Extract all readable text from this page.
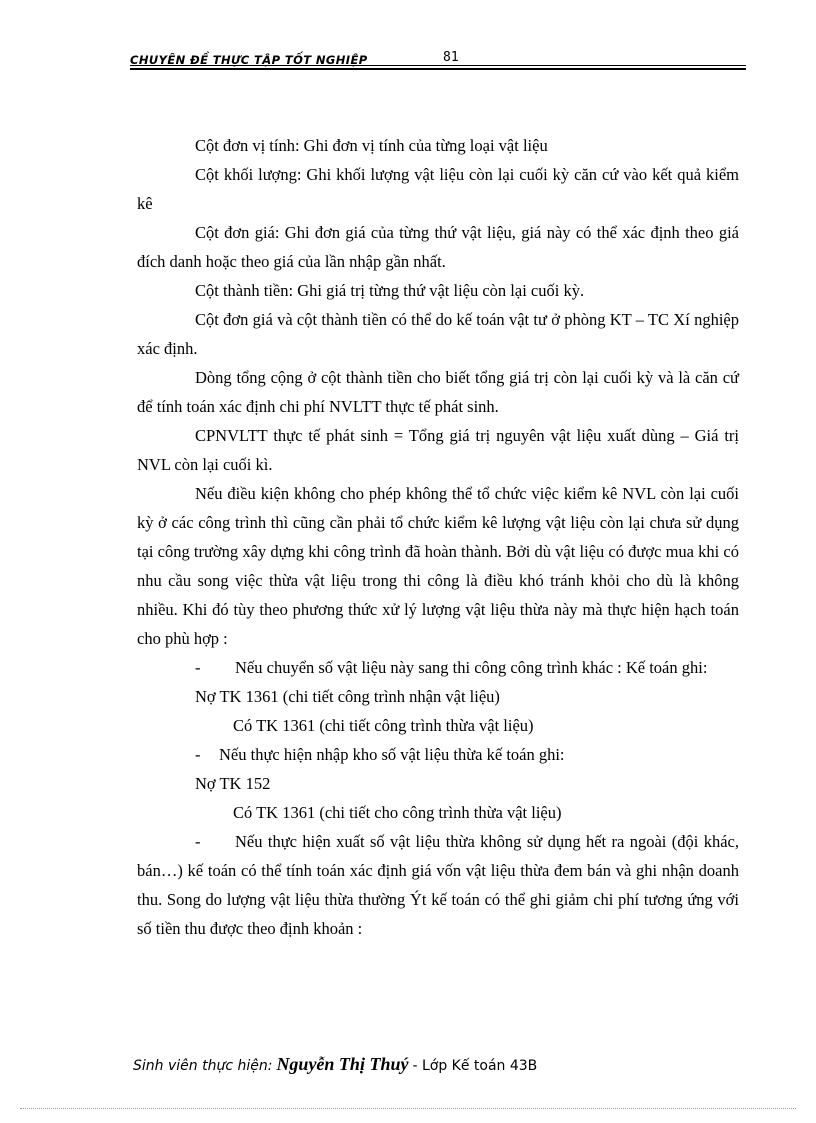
CHUYÊN ĐỀ THỰC TẬP TỐT NGHIỆP	81

Cột đơn vị tính: Ghi đơn vị tính của từng loại vật liệu

Cột khối lượng: Ghi khối lượng vật liệu còn lại cuối kỳ căn cứ vào kết quả kiểm kê

Cột đơn giá: Ghi đơn giá của từng thứ vật liệu, giá này có thể xác định theo giá đích danh hoặc theo giá của lần nhập gần nhất.

Cột thành tiền: Ghi giá trị từng thứ vật liệu còn lại cuối kỳ.

Cột đơn giá và cột thành tiền có thể do kế toán vật tư ở phòng KT – TC Xí nghiệp xác định.

Dòng tổng cộng ở cột thành tiền cho biết tổng giá trị còn lại cuối kỳ và là căn cứ để tính toán xác định chi phí NVLTT thực tế phát sinh.

CPNVLTT thực tế phát sinh = Tổng giá trị nguyên vật liệu xuất dùng – Giá trị NVL còn lại cuối kì.

Nếu điều kiện không cho phép không thể tổ chức việc kiểm kê NVL còn lại cuối kỳ ở các công trình thì cũng cần phải tổ chức kiểm kê lượng vật liệu còn lại chưa sử dụng tại công trường xây dựng khi công trình đã hoàn thành. Bởi dù vật liệu có được mua khi có nhu cầu song việc thừa vật liệu trong thi công là điều khó tránh khỏi cho dù là không nhiều. Khi đó tùy theo phương thức xử lý lượng vật liệu thừa này mà thực hiện hạch toán cho phù hợp :

- Nếu chuyển số vật liệu này sang thi công công trình khác : Kế toán ghi:

Nợ TK 1361 (chi tiết công trình nhận vật liệu)

Có TK 1361 (chi tiết công trình thừa vật liệu)

- Nếu thực hiện nhập kho số vật liệu thừa kế toán ghi:

Nợ TK 152

Có TK 1361 (chi tiết cho công trình thừa vật liệu)

- Nếu thực hiện xuất số vật liệu thừa không sử dụng hết ra ngoài (đội khác, bán…) kế toán có thể tính toán xác định giá vốn vật liệu thừa đem bán và ghi nhận doanh thu. Song do lượng vật liệu thừa thường Ýt kế toán có thể ghi giảm chi phí tương ứng với số tiền thu được theo định khoản :

Sinh viên thực hiện: Nguyễn Thị Thuý - Lớp Kế toán 43B
